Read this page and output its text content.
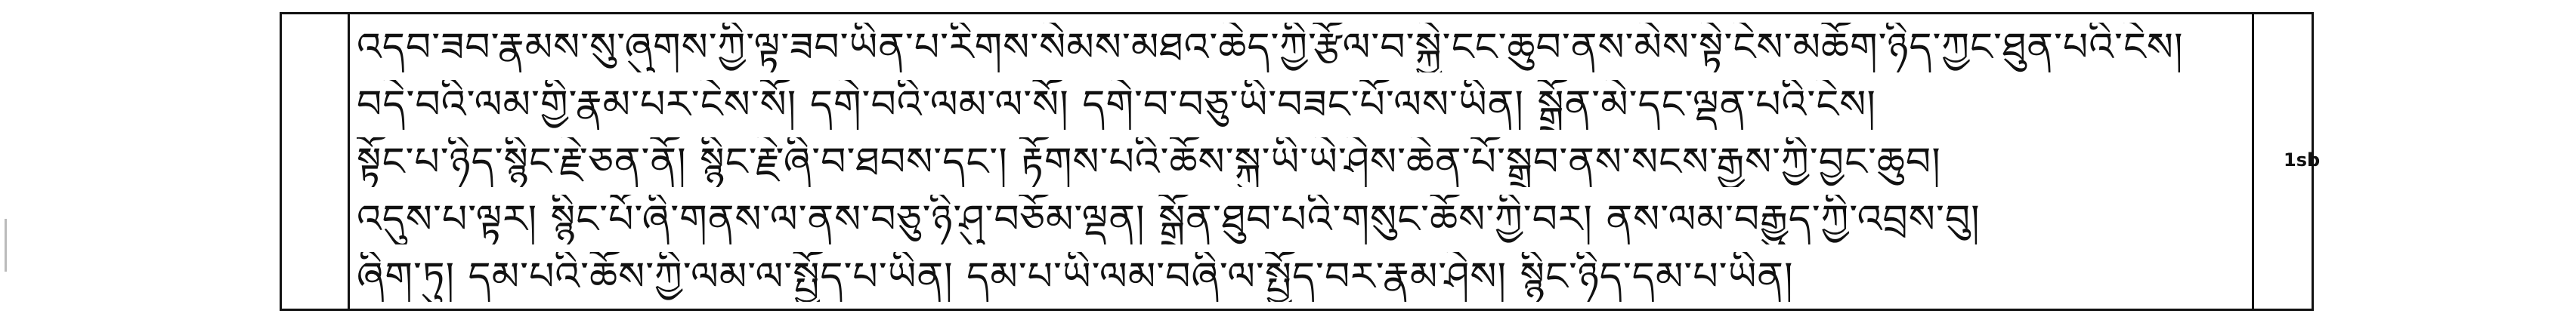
འདབ་ཟབ་རྣམས་སུ་ཞུགས་ཀྱི་ལྟ་ཟབ་ཡིན་པ་རིགས་སེམས་མཐའ་ཆེད་ཀྱི་རྩོལ་བ་སྐྱེ་ངང་ཆུབ་ནས་མེས་སྟེ་ངེས་མཆོག་ཉིད་ཀྱང་ཐུན་པའི་ངེས།
བདེ་བའི་ལམ་གྱི་རྣམ་པར་ངེས་སོ། དགེ་བའི་ལམ་ལ་སོ། དགེ་བ་བཅུ་ཡི་བཟང་པོ་ལས་ཡིན། སྒྲོན་མེ་དང་ལྡན་པའི་ངེས།
སྟོང་པ་ཉིད་སྙིང་རྗེ་ཅན་ནོ། སྙིང་རྗེ་ཞི་བ་ཐབས་དང་། རྟོགས་པའི་ཆོས་སྐུ་ཡི་ཡེ་ཤེས་ཆེན་པོ་སྒྲུབ་ནས་སངས་རྒྱས་ཀྱི་བྱང་ཆུབ།
འདུས་པ་ལྟར། སྙིང་པོ་ཞི་གནས་ལ་ནས་བཅུ་ཉི་ཤུ་བཅོམ་ལྡན། སྒྲོན་ཐུབ་པའི་གསུང་ཆོས་ཀྱི་བར། ནས་ལམ་བརྒྱུད་ཀྱི་འབྲས་བུ།
ཞིག་ཏུ། དམ་པའི་ཆོས་ཀྱི་ལམ་ལ་སྤྱོད་པ་ཡིན། དམ་པ་ཡི་ལམ་བཞི་ལ་སྤྱོད་བར་རྣམ་ཤེས། སྙིང་ཉིད་དམ་པ་ཡིན།
1sb
